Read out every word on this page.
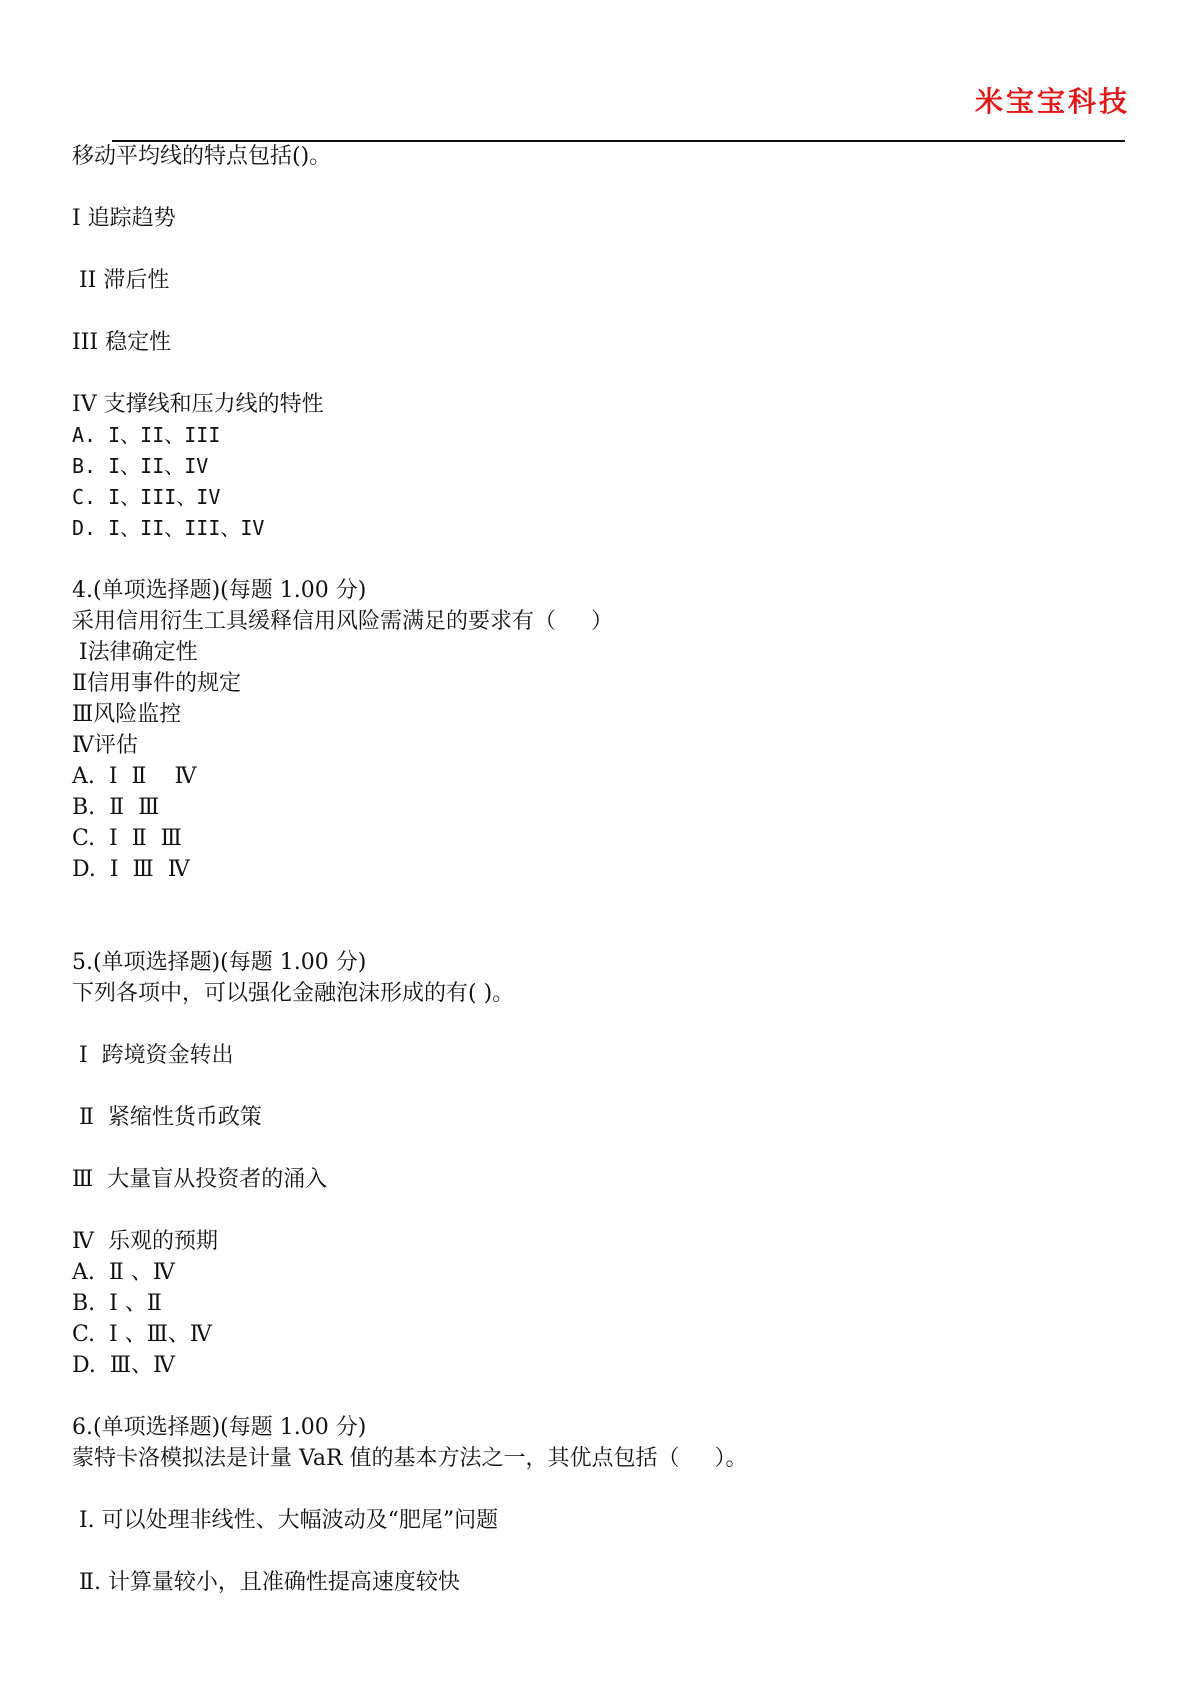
米宝宝科技
移动平均线的特点包括()。
I 追踪趋势
II 滞后性
III 稳定性
IV 支撑线和压力线的特性
A. I、II、III
B. I、II、IV
C. I、III、IV
D. I、II、III、IV
4.(单项选择题)(每题 1.00 分)
采用信用衍生工具缓释信用风险需满足的要求有（     ）
Ⅰ法律确定性
Ⅱ信用事件的规定
Ⅲ风险监控
Ⅳ评估
A.  Ⅰ  Ⅱ    Ⅳ
B.  Ⅱ  Ⅲ
C.  Ⅰ  Ⅱ  Ⅲ
D.  Ⅰ  Ⅲ  Ⅳ
5.(单项选择题)(每题 1.00 分)
下列各项中，可以强化金融泡沫形成的有( )。
Ⅰ  跨境资金转出
Ⅱ  紧缩性货币政策
Ⅲ  大量盲从投资者的涌入
Ⅳ  乐观的预期
A.  Ⅱ 、Ⅳ
B.  Ⅰ 、Ⅱ
C.  Ⅰ 、Ⅲ、Ⅳ
D.  Ⅲ、Ⅳ
6.(单项选择题)(每题 1.00 分)
蒙特卡洛模拟法是计量 VaR 值的基本方法之一，其优点包括（     ）。
Ⅰ. 可以处理非线性、大幅波动及“肥尾”问题
Ⅱ. 计算量较小，且准确性提高速度较快
